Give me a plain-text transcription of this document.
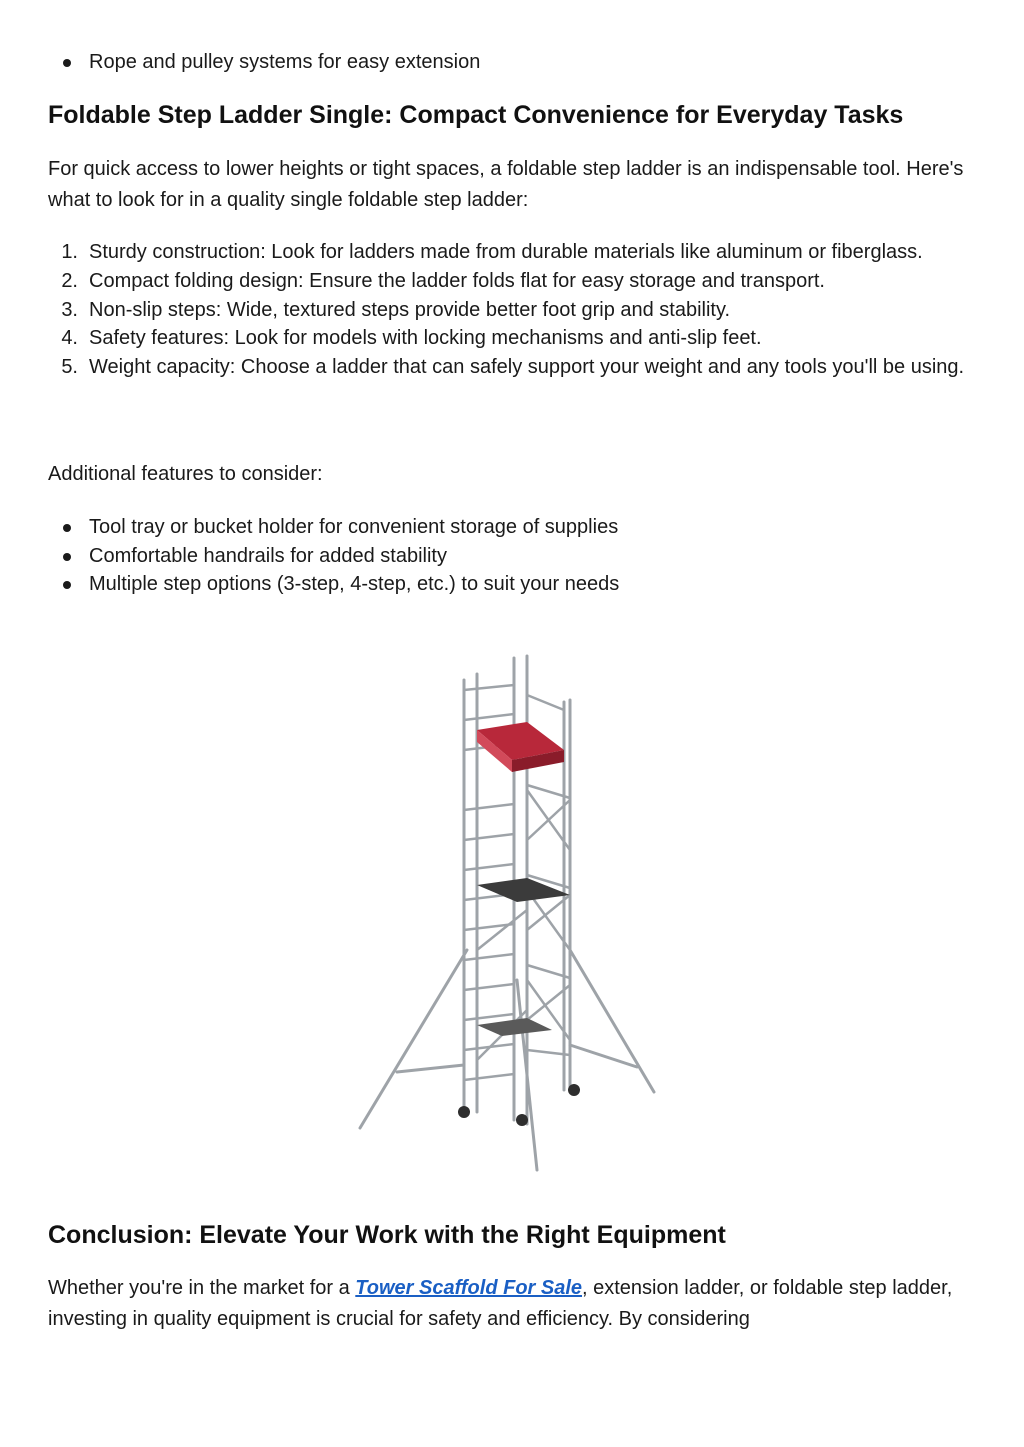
Rope and pulley systems for easy extension
Foldable Step Ladder Single: Compact Convenience for Everyday Tasks

For quick access to lower heights or tight spaces, a foldable step ladder is an indispensable tool. Here's what to look for in a quality single foldable step ladder:

1. Sturdy construction: Look for ladders made from durable materials like aluminum or fiberglass.
2. Compact folding design: Ensure the ladder folds flat for easy storage and transport.
3. Non-slip steps: Wide, textured steps provide better foot grip and stability.
4. Safety features: Look for models with locking mechanisms and anti-slip feet.
5. Weight capacity: Choose a ladder that can safely support your weight and any tools you'll be using.

Additional features to consider:

Tool tray or bucket holder for convenient storage of supplies
Comfortable handrails for added stability
Multiple step options (3-step, 4-step, etc.) to suit your needs
Conclusion: Elevate Your Work with the Right Equipment

Whether you're in the market for a Tower Scaffold For Sale, extension ladder, or foldable step ladder, investing in quality equipment is crucial for safety and efficiency. By considering
